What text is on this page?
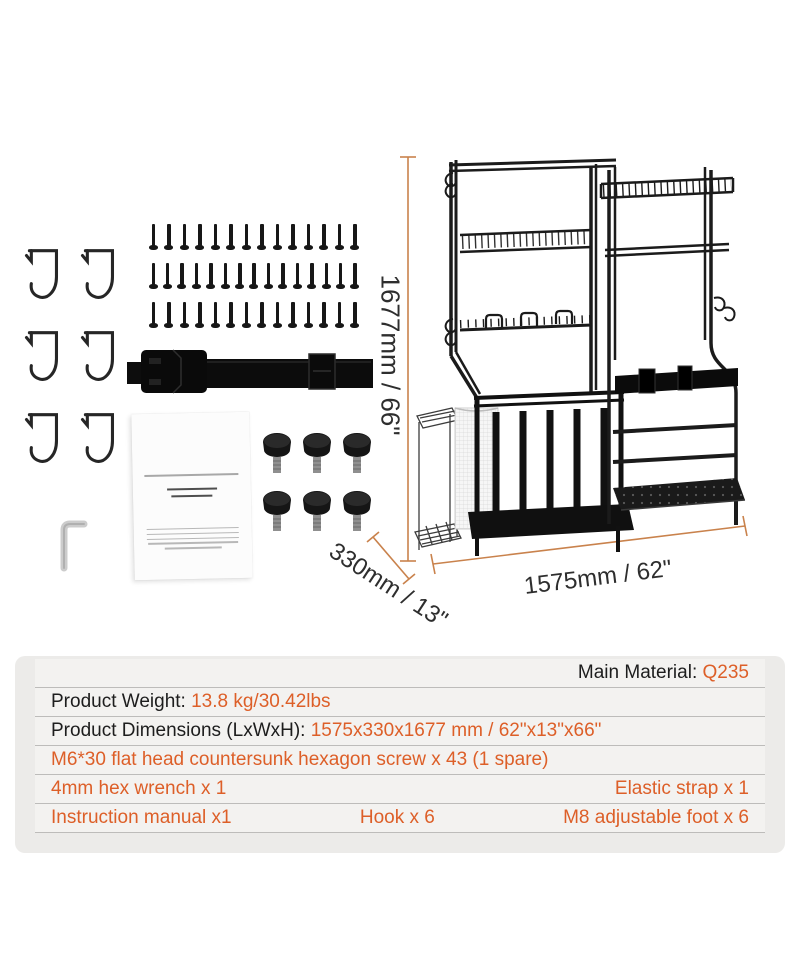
1677mm / 66"
330mm / 13"	1575mm / 62"
Main Material: Q235
Product Weight: 13.8 kg/30.42lbs
Product Dimensions (LxWxH): 1575x330x1677 mm / 62"x13"x66"
M6*30 flat head countersunk hexagon screw x 43 (1 spare)
4mm hex wrench x 1	Elastic strap x 1
Instruction manual x1	Hook x 6	M8 adjustable foot x 6
